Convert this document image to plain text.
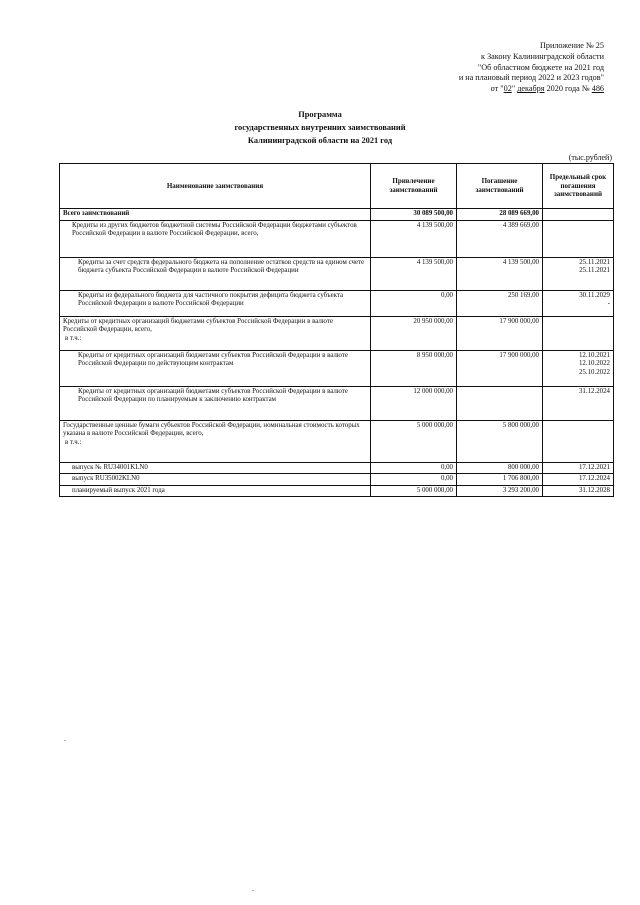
Приложение № 25
к Закону Калининградской области
"Об областном бюджете на 2021 год
и на плановый период 2022 и 2023 годов"
от "02" декабря 2020 года № 486
Программа
государственных внутренних заимствований
Калининградской области на 2021 год
(тыс.рублей)
Наименование заимствования	Привлечение заимствований	Погашение заимствований	Предельный срок погашения заимствований
Всего заимствований	30 089 500,00	28 089 669,00	
Кредиты из других бюджетов бюджетной системы Российской Федерации бюджетами субъектов Российской Федерации в валюте Российской Федерации, всего,	4 139 500,00	4 389 669,00	
Кредиты за счет средств федерального бюджета на пополнение остатков средств на едином счете бюджета субъекта Российской Федерации в валюте Российской Федерации	4 139 500,00	4 139 500,00	25.11.2021
25.11.2021

Кредиты из федерального бюджета для частичного покрытия дефицита бюджета субъекта Российской Федерации в валюте Российской Федерации	0,00	250 169,00	30.11.2029
-

Кредиты от кредитных организаций бюджетами субъектов Российской Федерации в валюте Российской Федерации, всего,
в т.ч.:	20 950 000,00	17 900 000,00	
Кредиты от кредитных организаций бюджетами субъектов Российской Федерации в валюте Российской Федерации по действующим контрактам	8 950 000,00	17 900 000,00	12.10.2021
12.10.2022
25.10.2022

Кредиты от кредитных организаций бюджетами субъектов Российской Федерации в валюте Российской Федерации по планируемым к заключению контрактам	12 000 000,00		31.12.2024

Государственные ценные бумаги субъектов Российской Федерации, номинальная стоимость которых указана в валюте Российской Федерации, всего,
в т.ч.:	5 000 000,00	5 800 000,00	
выпуск № RU34001KLN0	0,00	800 000,00	17.12.2021

выпуск RU35002KLN0	0,00	1 706 800,00	17.12.2024

планируемый выпуск 2021 года	5 000 000,00	3 293 200,00	31.12.2028
.
.
